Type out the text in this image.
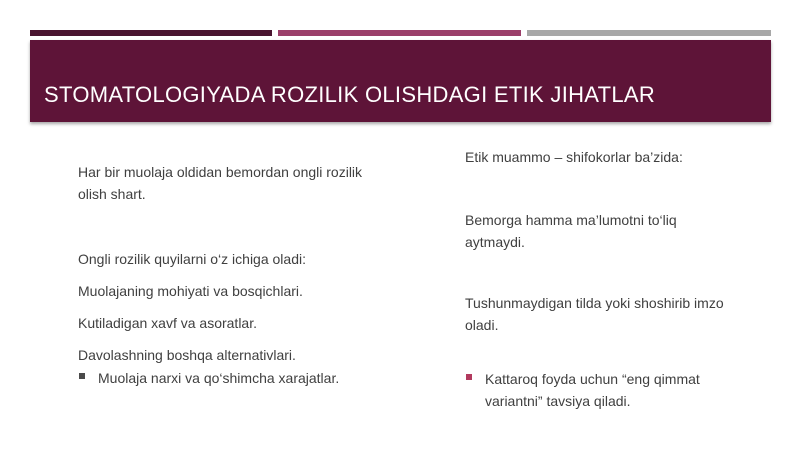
STOMATOLOGIYADA ROZILIK OLISHDAGI ETIK JIHATLAR

Har bir muolaja oldidan bemordan ongli rozilik olish shart.

Ongli rozilik quyilarni o‘z ichiga oladi:

Muolajaning mohiyati va bosqichlari.

Kutiladigan xavf va asoratlar.

Davolashning boshqa alternativlari.

Muolaja narxi va qo‘shimcha xarajatlar.

Etik muammo – shifokorlar ba’zida:

Bemorga hamma ma’lumotni to‘liq aytmaydi.

Tushunmaydigan tilda yoki shoshirib imzo oladi.

Kattaroq foyda uchun “eng qimmat variantni” tavsiya qiladi.
